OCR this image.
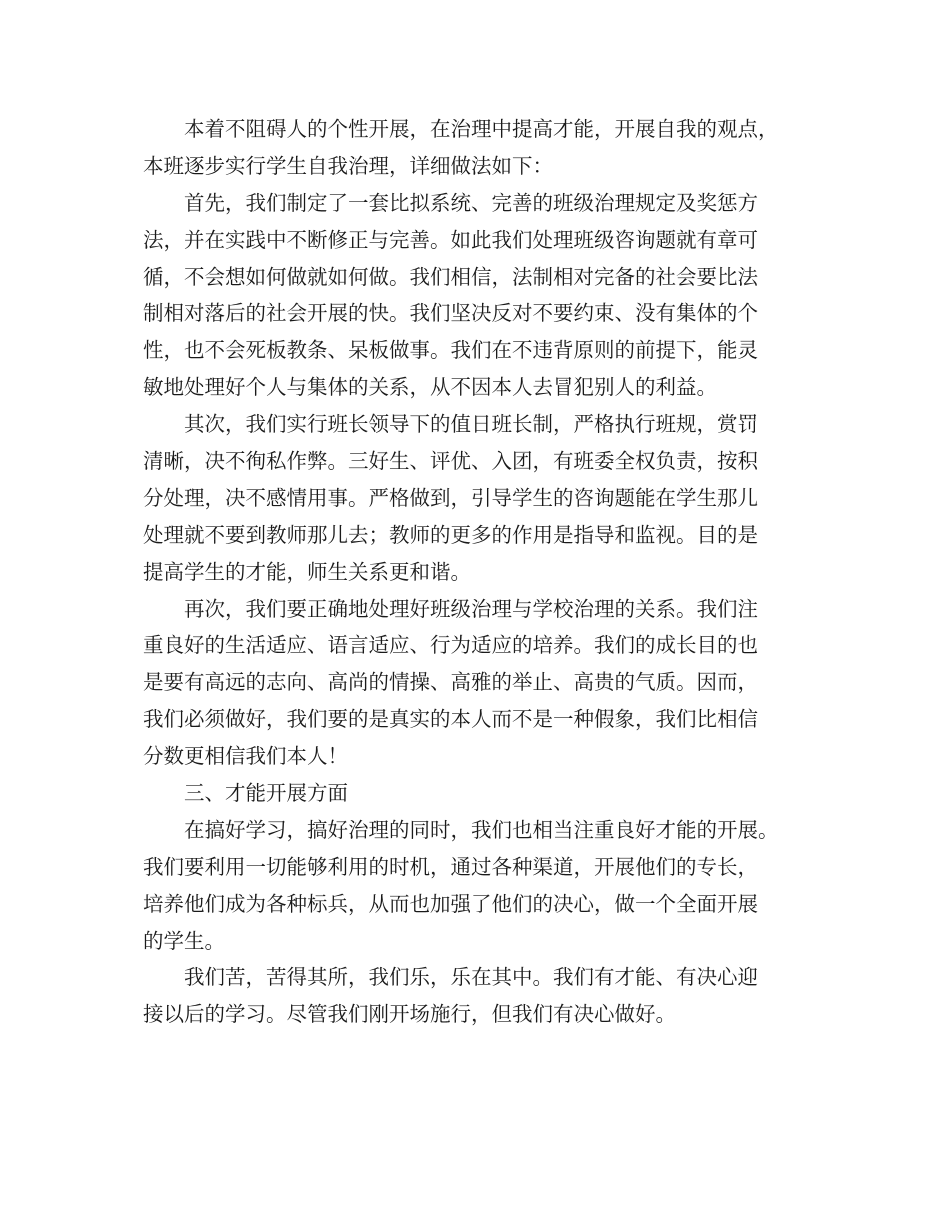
本着不阻碍人的个性开展，在治理中提高才能，开展自我的观点，
本班逐步实行学生自我治理，详细做法如下：
首先，我们制定了一套比拟系统、完善的班级治理规定及奖惩方
法，并在实践中不断修正与完善。如此我们处理班级咨询题就有章可
循，不会想如何做就如何做。我们相信，法制相对完备的社会要比法
制相对落后的社会开展的快。我们坚决反对不要约束、没有集体的个
性，也不会死板教条、呆板做事。我们在不违背原则的前提下，能灵
敏地处理好个人与集体的关系，从不因本人去冒犯别人的利益。
其次，我们实行班长领导下的值日班长制，严格执行班规，赏罚
清晰，决不徇私作弊。三好生、评优、入团，有班委全权负责，按积
分处理，决不感情用事。严格做到，引导学生的咨询题能在学生那儿
处理就不要到教师那儿去；教师的更多的作用是指导和监视。目的是
提高学生的才能，师生关系更和谐。
再次，我们要正确地处理好班级治理与学校治理的关系。我们注
重良好的生活适应、语言适应、行为适应的培养。我们的成长目的也
是要有高远的志向、高尚的情操、高雅的举止、高贵的气质。因而，
我们必须做好，我们要的是真实的本人而不是一种假象，我们比相信
分数更相信我们本人！
三、才能开展方面
在搞好学习，搞好治理的同时，我们也相当注重良好才能的开展。
我们要利用一切能够利用的时机，通过各种渠道，开展他们的专长，
培养他们成为各种标兵，从而也加强了他们的决心，做一个全面开展
的学生。
我们苦，苦得其所，我们乐，乐在其中。我们有才能、有决心迎
接以后的学习。尽管我们刚开场施行，但我们有决心做好。
